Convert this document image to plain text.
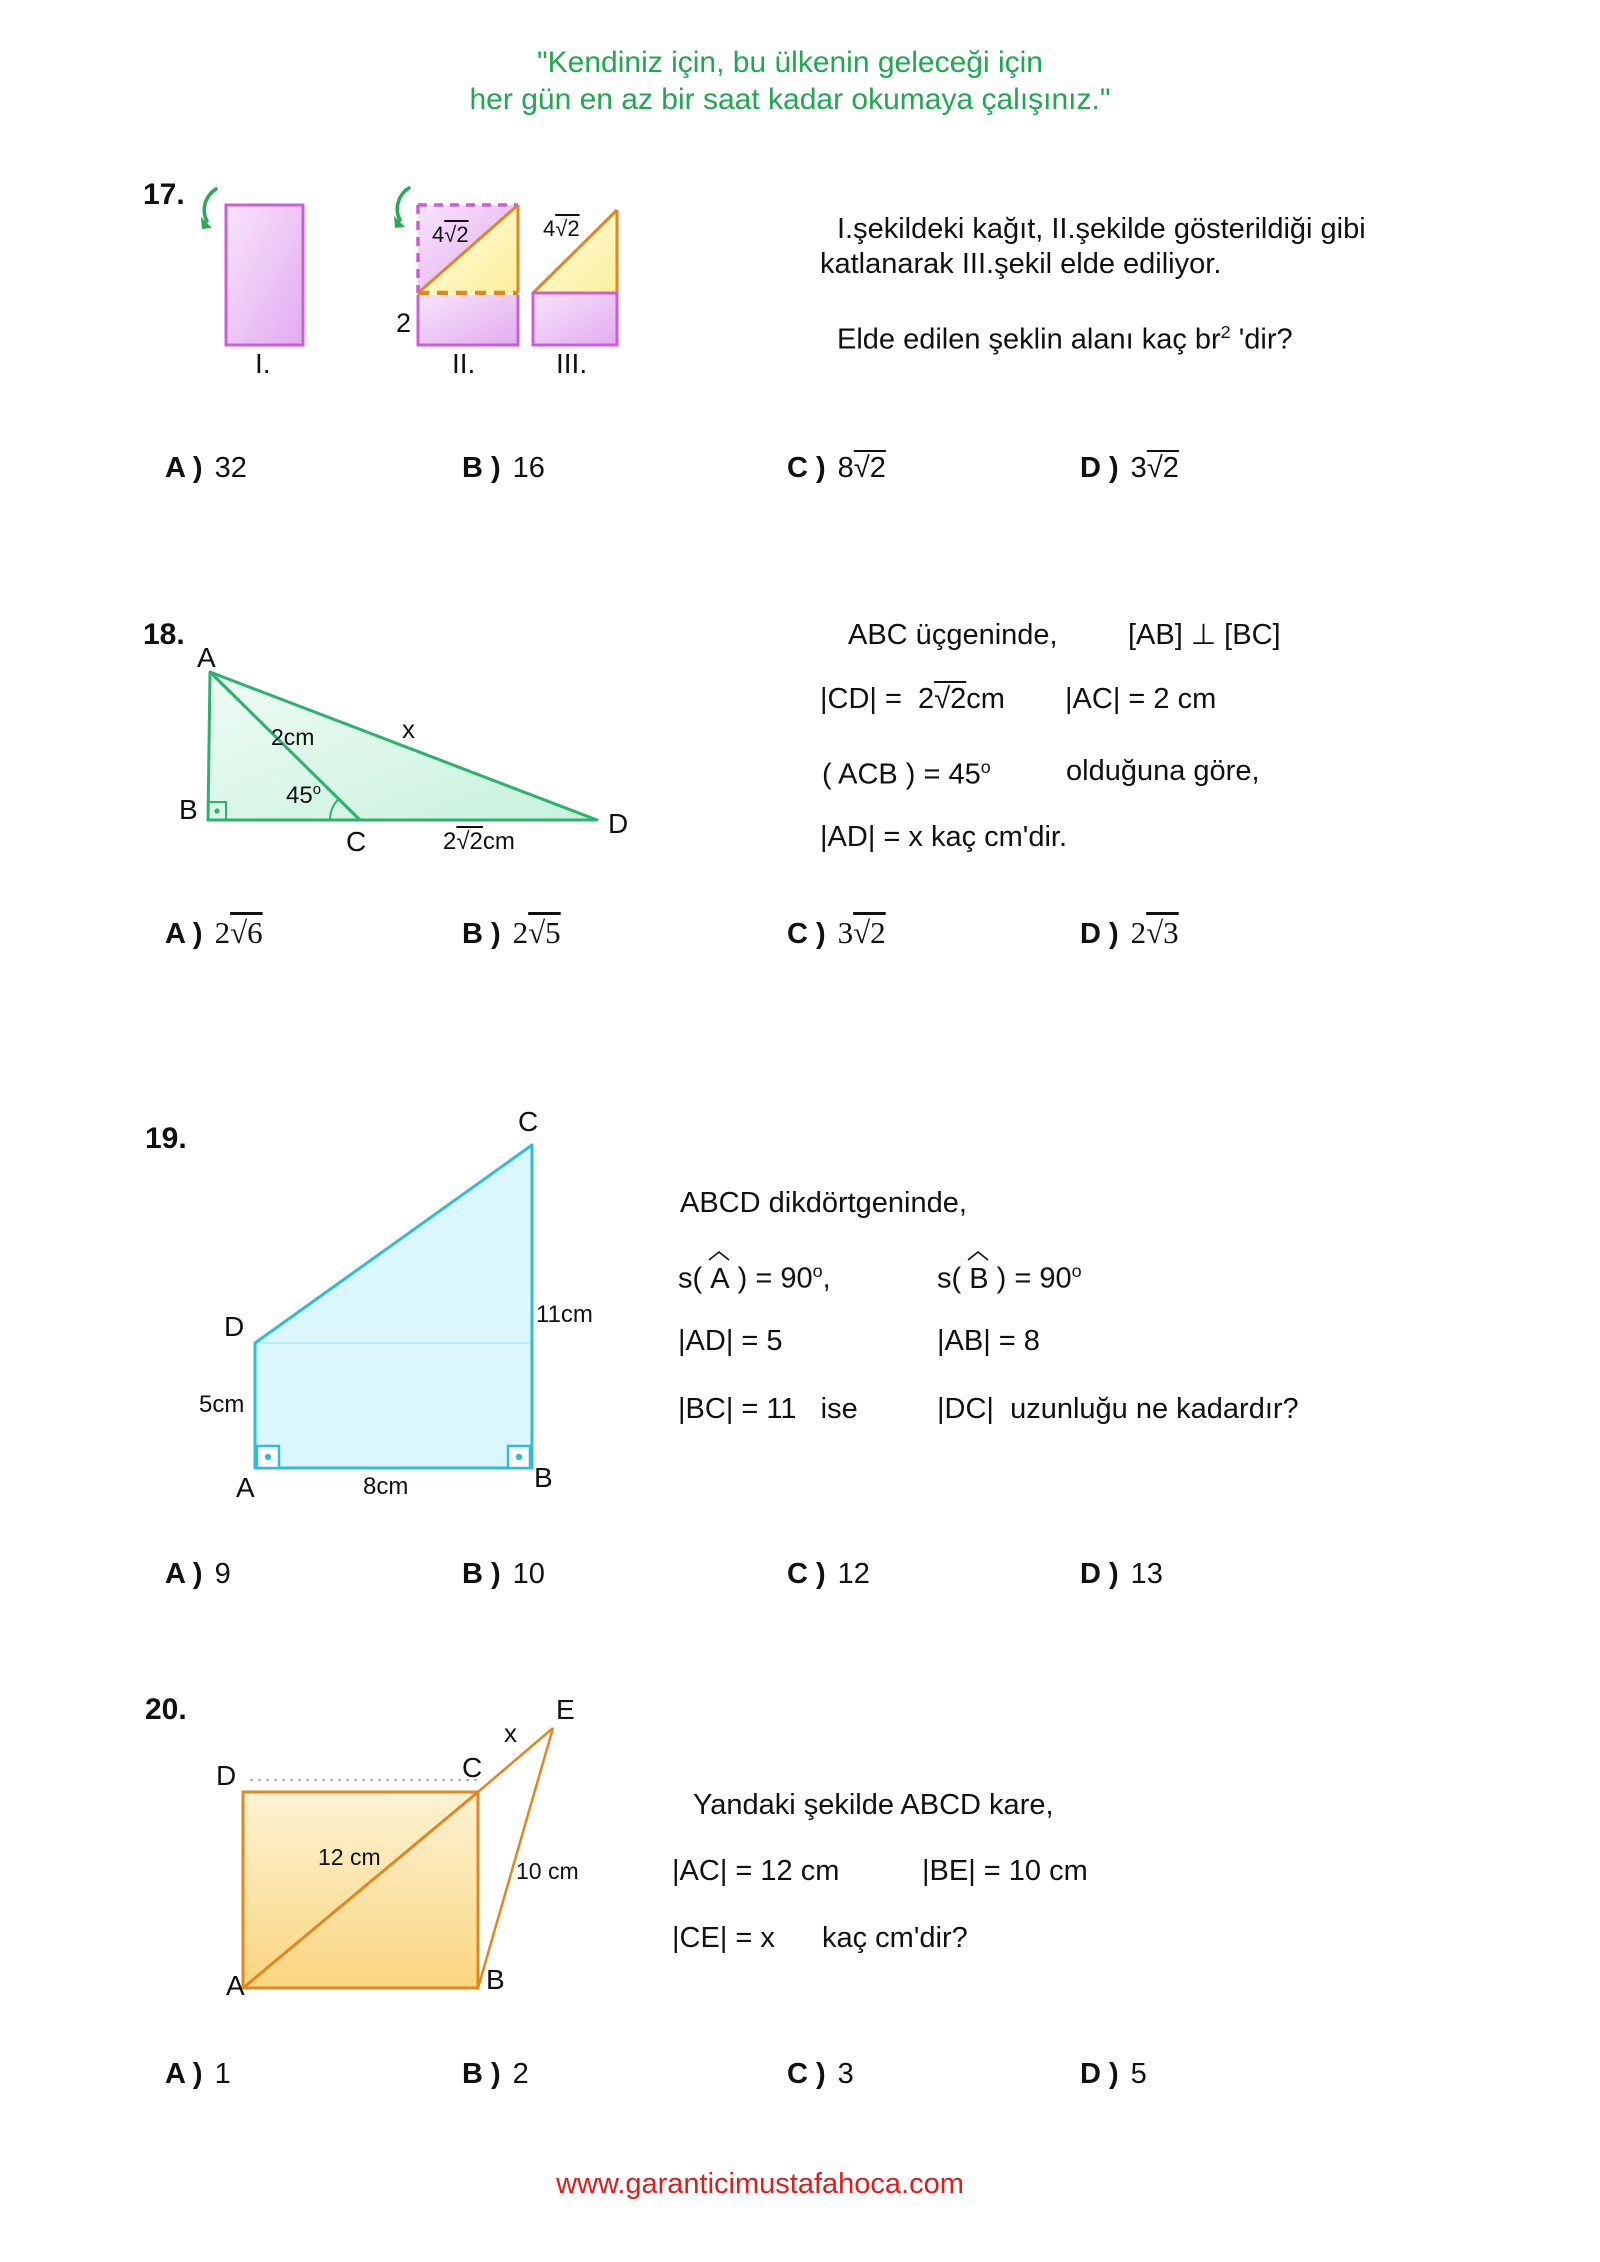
"Kendiniz için, bu ülkenin geleceği için
her gün en az bir saat kadar okumaya çalışınız."
17.
4√2
2
4√2
I.	II.	III.
I.şekildeki kağıt, II.şekilde gösterildiği gibi
katlanarak III.şekil elde ediliyor.
Elde edilen şeklin alanı kaç $br^2$ 'dir?
A ) 32	B ) 16	C ) 8√2	D ) 3√2
18.
A
B
C
D
2cm	x
45$^o$
2√2cm
ABC üçgeninde, [AB] ⊥ [BC]
|CD| =  2√2cm |AC| = 2 cm
( ACB ) = $45^o$	olduğuna göre,
|AD| = x kaç cm'dir.
A ) 2√6	B ) 2√5	C ) 3√2	D ) 2√3
19.
C
D
A	B
11cm
5cm
8cm
ABCD dikdörtgeninde,
s(
A ) = $90^o$,	s(
B ) = $90^o$
|AD| = 5	|AB| = 8
|BC| = 11   ise	|DC|  uzunluğu ne kadardır?
A ) 9	B ) 10	C ) 12	D ) 13
20.
D	C
E
x
A	B
12 cm
10 cm
Yandaki şekilde ABCD kare,
|AC| = 12 cm	|BE| = 10 cm
|CE| = x kaç cm'dir?
A ) 1	B ) 2	C ) 3	D ) 5
www.garanticimustafahoca.com
